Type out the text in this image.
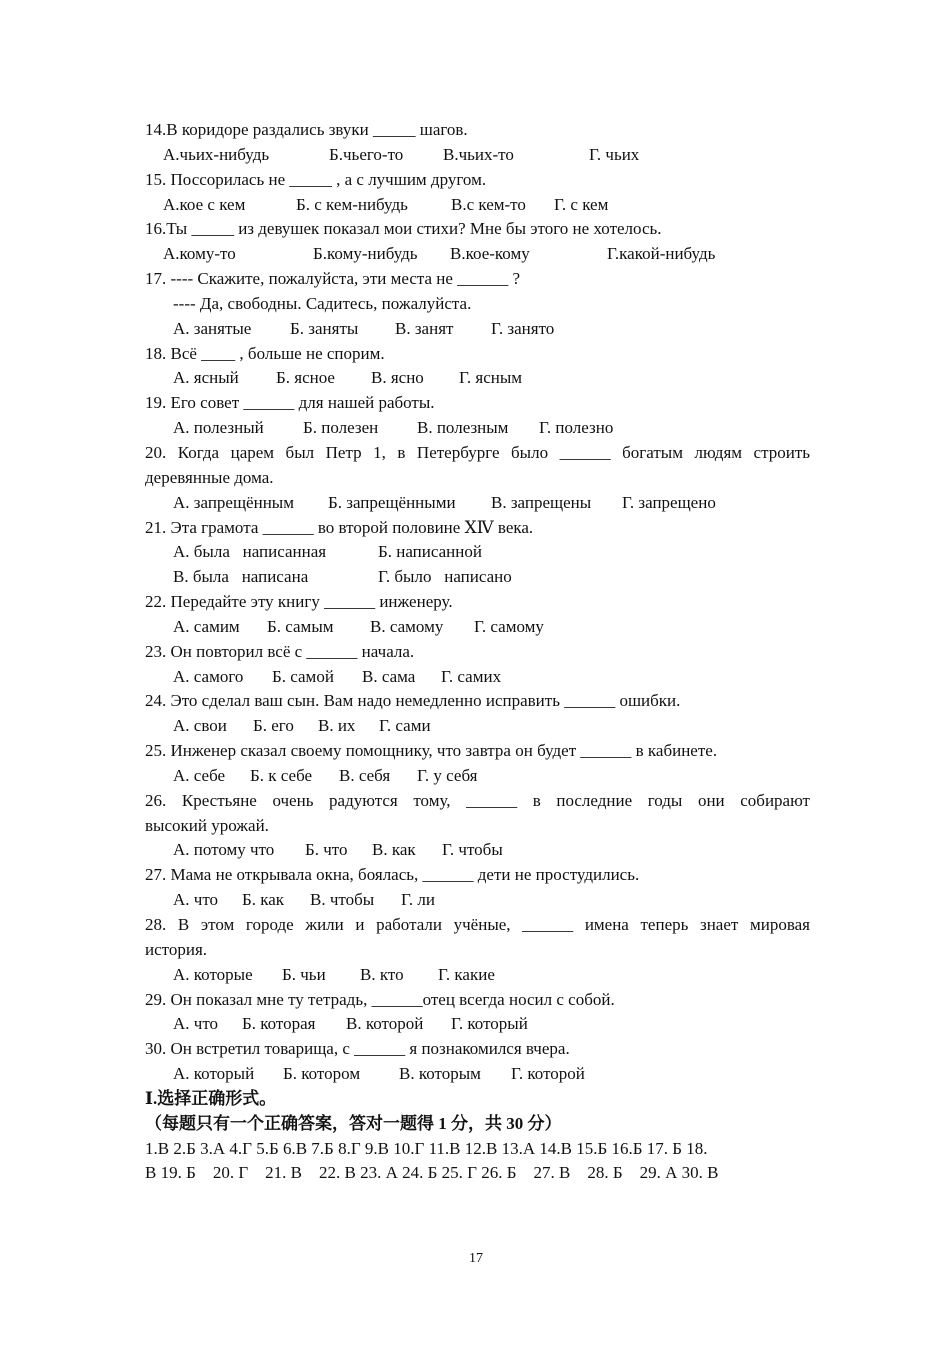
14.В коридоре раздались звуки _____ шагов.
А.чьих-нибудь	Б.чьего-то В.чьих-то	Г. чьих
15. Поссорилась не _____ , а с лучшим другом.
А.кое с кем	Б. с кем-нибудь	В.с кем-то Г. с кем
16.Ты _____ из девушек показал мои стихи? Мне бы этого не хотелось.
А.кому-то	Б.кому-нибудь В.кое-кому	Г.какой-нибудь
17. ---- Скажите, пожалуйста, эти места не ______ ?
---- Да, свободны. Садитесь, пожалуйста.
А. занятые Б. заняты В. занят Г. занято
18. Всё ____ , больше не спорим.
А. ясный Б. ясное В. ясно Г. ясным
19. Его совет ______ для нашей работы.
А. полезный Б. полезен В. полезным Г. полезно
20. Когда царем был Петр 1, в Петербурге было ______ богатым людям строить
деревянные дома.
А. запрещённым Б. запрещёнными В. запрещены Г. запрещено
21. Эта грамота ______ во второй половине ⅩⅣ века.
А. была   написанная	Б. написанной
В. была   написана	Г. было   написано
22. Передайте эту книгу ______ инженеру.
А. самим Б. самым В. самому Г. самому
23. Он повторил всё с ______ начала.
А. самого Б. самой В. сама Г. самих
24. Это сделал ваш сын. Вам надо немедленно исправить ______ ошибки.
А. свои Б. его В. их Г. сами
25. Инженер сказал своему помощнику, что завтра он будет ______ в кабинете.
А. себе Б. к себе В. себя Г. у себя
26. Крестьяне очень радуются тому, ______ в последние годы они собирают
высокий урожай.
А. потому что Б. что В. как Г. чтобы
27. Мама не открывала окна, боялась, ______ дети не простудились.
А. что Б. как В. чтобы Г. ли
28. В этом городе жили и работали учёные, ______ имена теперь знает мировая
история.
А. которые Б. чьи В. кто Г. какие
29. Он показал мне ту тетрадь, ______отец всегда носил с собой.
А. что Б. которая В. которой Г. который
30. Он встретил товарища, с ______ я познакомился вчера.
А. который Б. котором В. которым Г. которой
Ⅰ.选择正确形式。
（每题只有一个正确答案，答对一题得 1 分，共 30 分）
1.В 2.Б 3.А 4.Г 5.Б 6.В 7.Б 8.Г 9.В 10.Г 11.В 12.В 13.А 14.В 15.Б 16.Б 17. Б 18.
В 19. Б    20. Г    21. В    22. В 23. А 24. Б 25. Г 26. Б    27. В    28. Б    29. А 30. В
17
